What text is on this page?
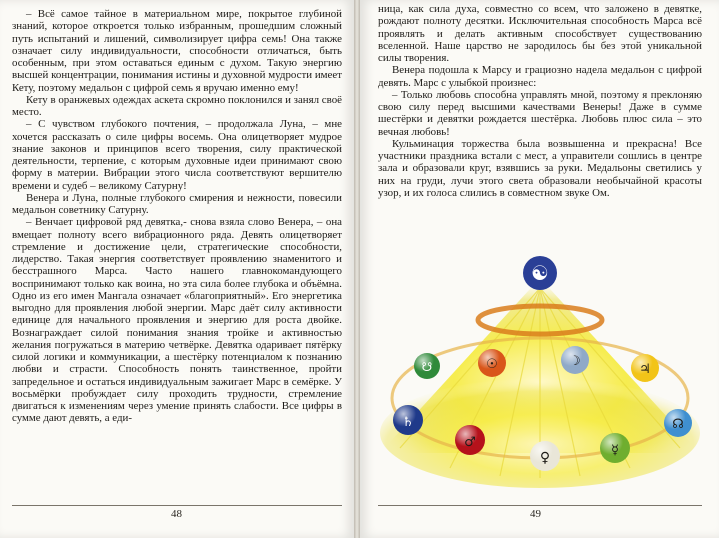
– Всё самое тайное в материальном мире, покрытое глубиной знаний, которое откроется только избранным, прошедшим сложный путь испытаний и лишений, символизирует цифра семь! Она также означает силу индивидуальности, способности отличаться, быть особенным, при этом оставаться единым с духом. Такую энергию высшей концентрации, понимания истины и духовной мудрости имеет Кету, поэтому медальон с цифрой семь я вручаю именно ему!

Кету в оранжевых одеждах аскета скромно поклонился и занял своё место.

– С чувством глубокого почтения, – продолжала Луна, – мне хочется рассказать о силе цифры восемь. Она олицетворяет мудрое знание законов и принципов всего творения, силу практической деятельности, терпение, с которым духовные идеи принимают свою форму в материи. Вибрации этого числа соответствуют вершителю времени и судеб – великому Сатурну!

Венера и Луна, полные глубокого смирения и нежности, повесили медальон советнику Сатурну.

– Венчает цифровой ряд девятка,- снова взяла слово Венера, – она вмещает полноту всего вибрационного ряда. Девять олицетворяет стремление и достижение цели, стратегические способности, лидерство. Такая энергия соответствует проявлению знаменитого и бесстрашного Марса. Часто нашего главнокомандующего воспринимают только как воина, но эта сила более глубока и объёмна. Одно из его имен Мангала означает «благоприятный». Его энергетика выгодно для проявления любой энергии. Марс даёт силу активности единице для начального проявления и энергию для роста двойке. Вознаграждает силой понимания знания тройке и активностью желания погружаться в материю четвёрке. Девятка одаривает пятёрку силой логики и коммуникации, а шестёрку потенциалом к познанию любви и страсти. Способность понять таинственное, пройти запредельное и остаться индивидуальным зажигает Марс в семёрке. У восьмёрки пробуждает силу проходить трудности, стремление двигаться к изменениям через умение принять слабости. Все цифры в сумме дают девять, а еди-

48

ница, как сила духа, совместно со всем, что заложено в девятке, рождают полноту десятки. Исключительная способность Марса всё проявлять и делать активным способствует существованию вселенной. Наше царство не зародилось бы без этой уникальной силы творения.

Венера подошла к Марсу и грациозно надела медальон с цифрой девять. Марс с улыбкой произнес:

– Только любовь способна управлять мной, поэтому я преклоняю свою силу перед высшими качествами Венеры! Даже в сумме шестёрки и девятки рождается шестёрка. Любовь плюс сила – это вечная любовь!

Кульминация торжества была возвышенна и прекрасна! Все участники праздника встали с мест, а управители сошлись в центре зала и образовали круг, взявшись за руки. Медальоны светились у них на груди, лучи этого света образовали необычайной красоты узор, и их голоса слились в совместном звуке Ом.

☯
☉	☽
♃
☊
♀
♂
☿
♄
☋
49
